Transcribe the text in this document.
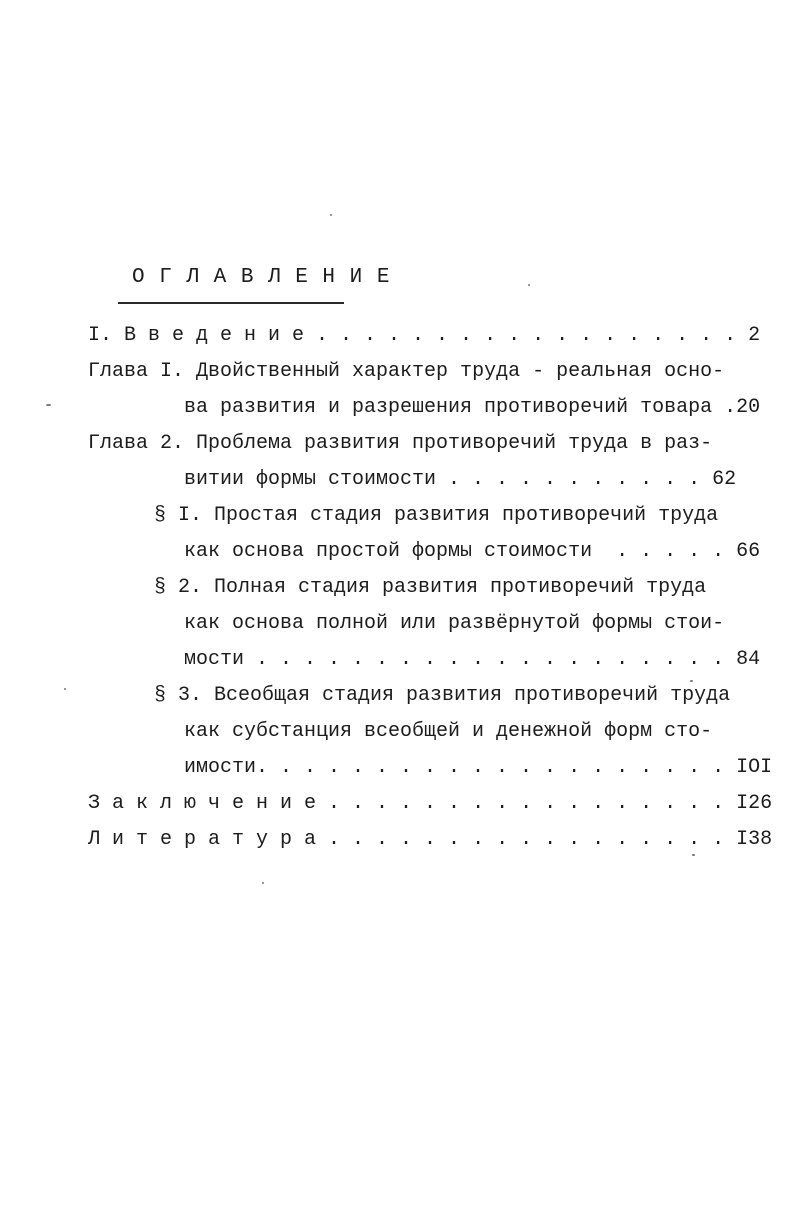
О Г Л А В Л Е Н И Е
I. В в е д е н и е . . . . . . . . . . . . . . . . . . 2
Глава I. Двойственный характер труда - реальная осно-
ва развития и разрешения противоречий товара .20
Глава 2. Проблема развития противоречий труда в раз-
витии формы стоимости . . . . . . . . . . . 62
§ I. Простая стадия развития противоречий труда
как основа простой формы стоимости  . . . . . 66
§ 2. Полная стадия развития противоречий труда
как основа полной или развёрнутой формы стои-
мости . . . . . . . . . . . . . . . . . . . . 84
§ 3. Всеобщая стадия развития противоречий труда
как субстанция всеобщей и денежной форм сто-
имости. . . . . . . . . . . . . . . . . . . . IOI
З а к л ю ч е н и е . . . . . . . . . . . . . . . . . I26
Л и т е р а т у р а . . . . . . . . . . . . . . . . . I38
